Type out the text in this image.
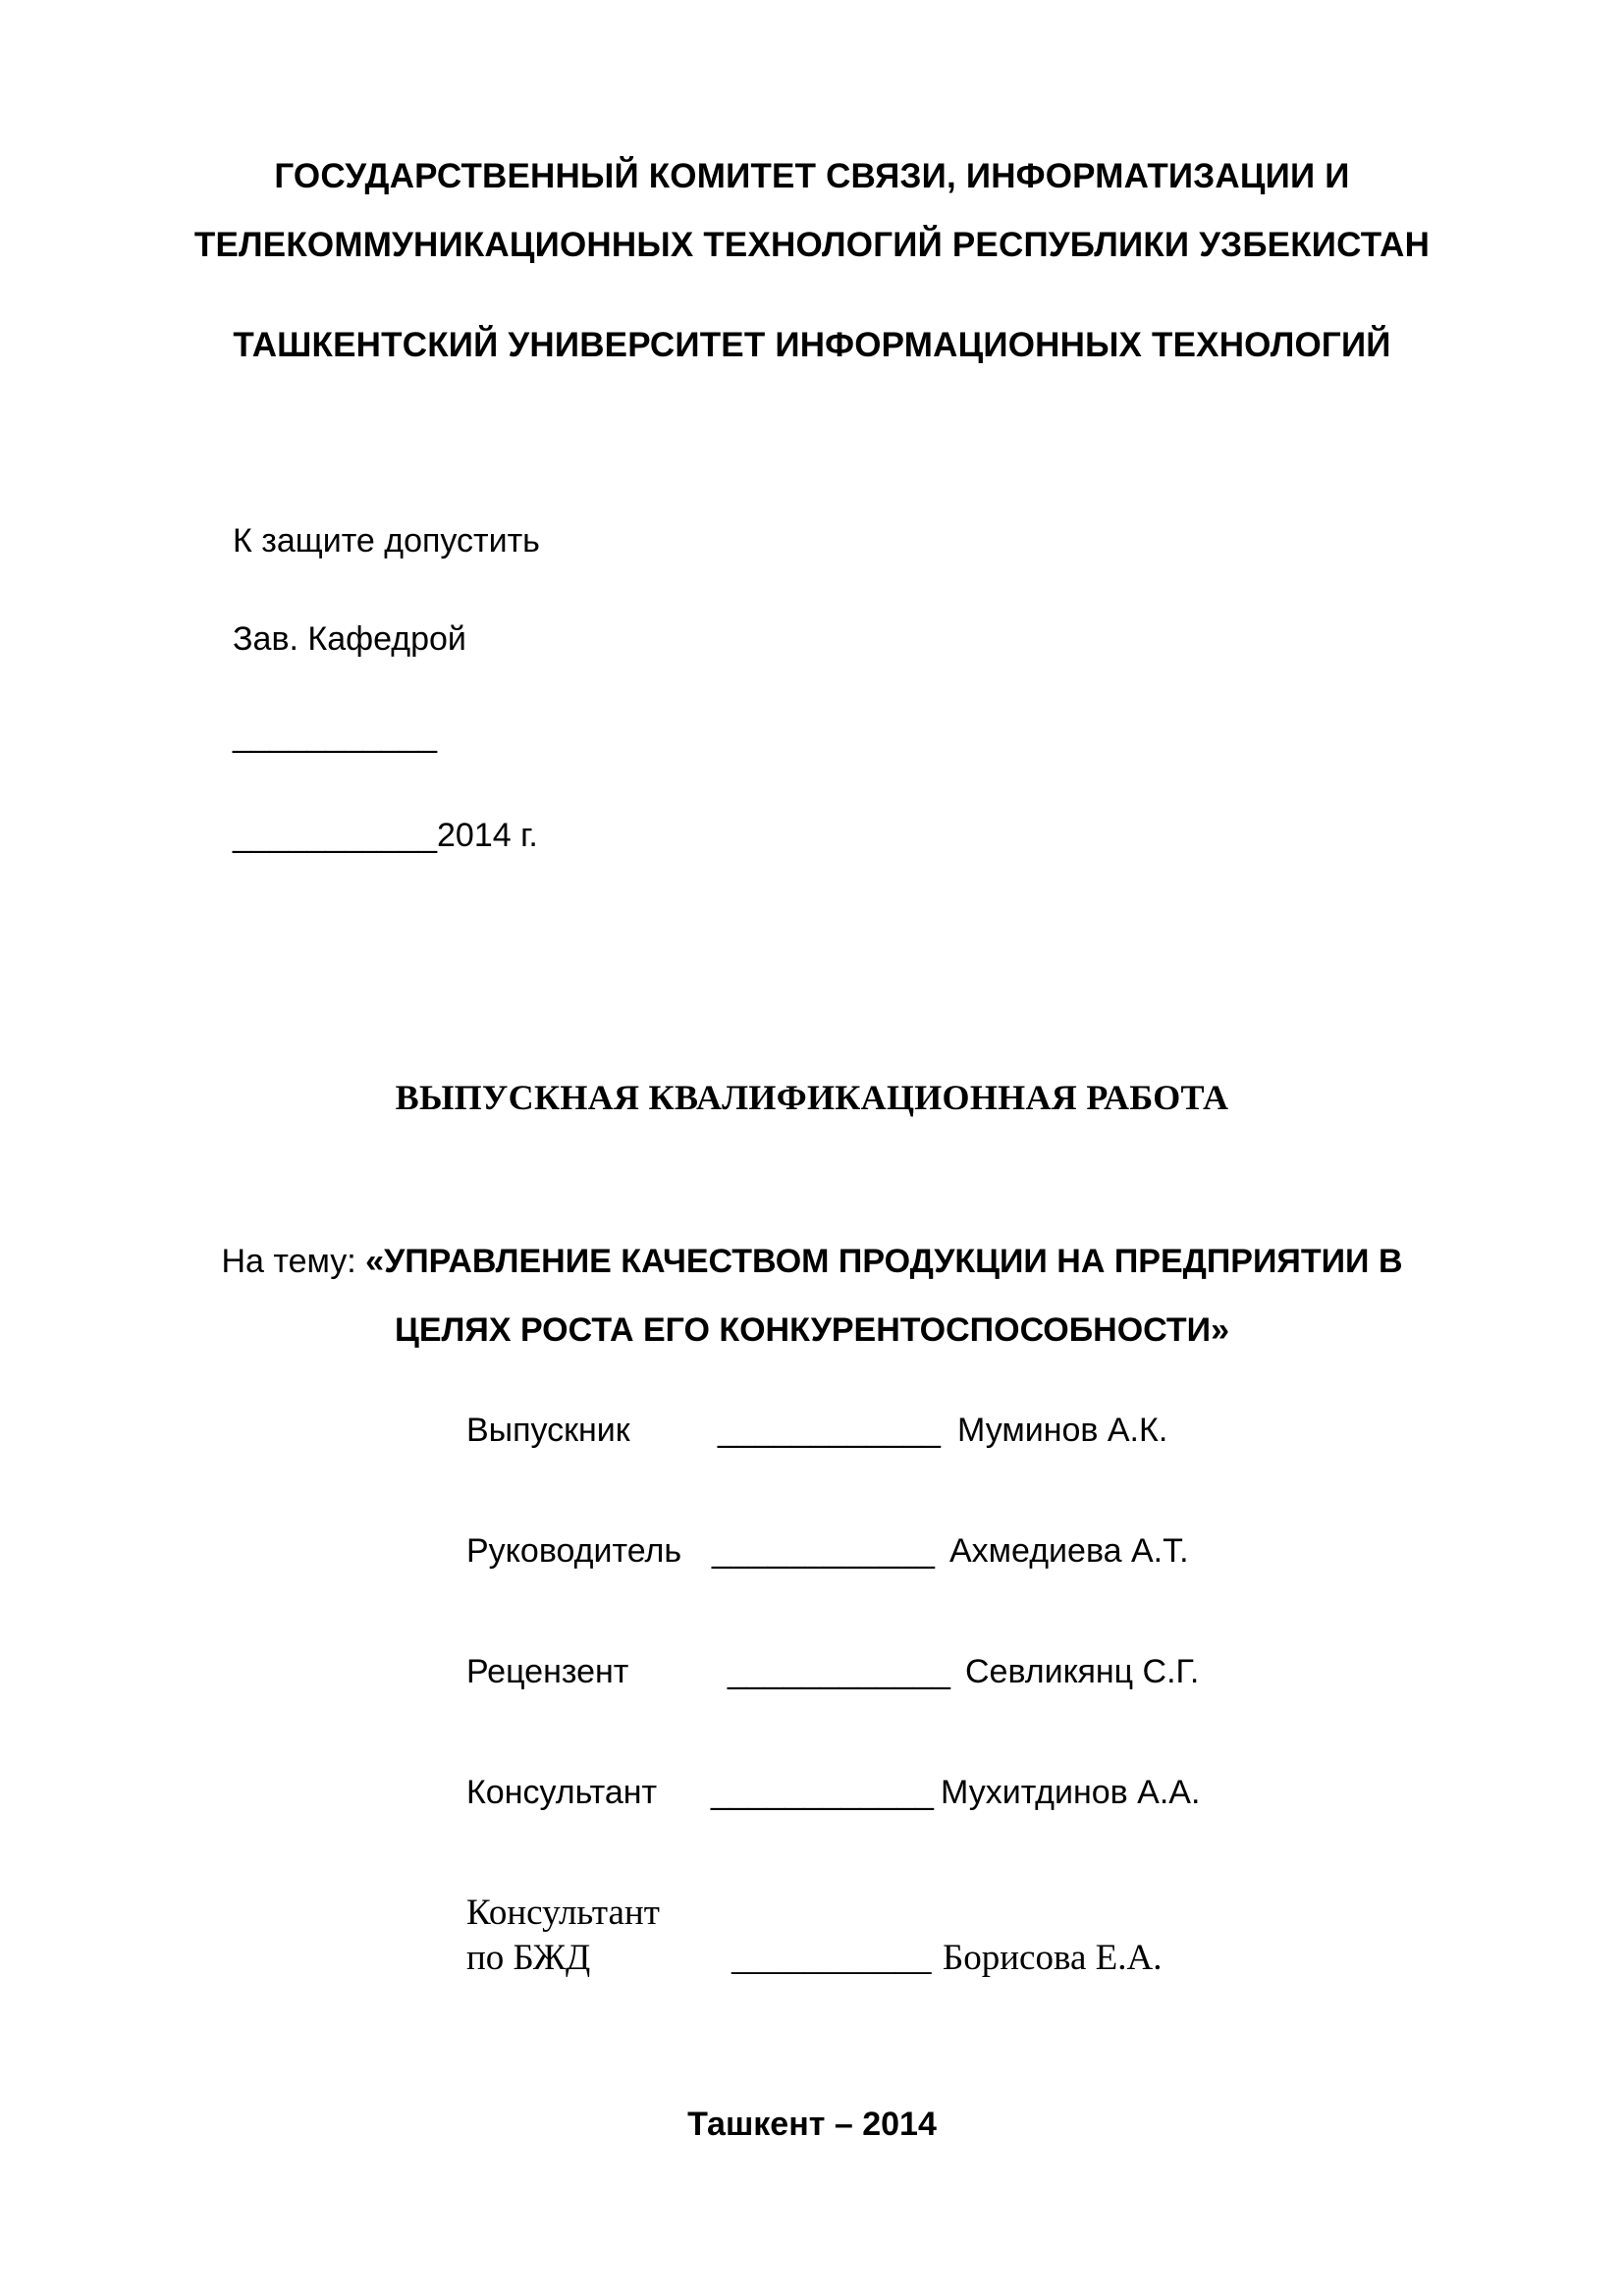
ГОСУДАРСТВЕННЫЙ КОМИТЕТ СВЯЗИ, ИНФОРМАТИЗАЦИИ И
ТЕЛЕКОММУНИКАЦИОННЫХ ТЕХНОЛОГИЙ РЕСПУБЛИКИ УЗБЕКИСТАН
ТАШКЕНТСКИЙ УНИВЕРСИТЕТ ИНФОРМАЦИОННЫХ ТЕХНОЛОГИЙ
К защите допустить
Зав. Кафедрой
___________
___________2014 г.
ВЫПУСКНАЯ КВАЛИФИКАЦИОННАЯ РАБОТА
На тему: «УПРАВЛЕНИЕ КАЧЕСТВОМ ПРОДУКЦИИ НА ПРЕДПРИЯТИИ В
ЦЕЛЯХ РОСТА ЕГО КОНКУРЕНТОСПОСОБНОСТИ»
Выпускник	____________ Муминов А.К.
Руководитель ____________ Ахмедиева А.Т.
Рецензент	____________ Севликянц С.Г.
Консультант ____________ Мухитдинов А.А.
Консультант
по БЖД	___________ Борисова Е.А.
Ташкент – 2014
